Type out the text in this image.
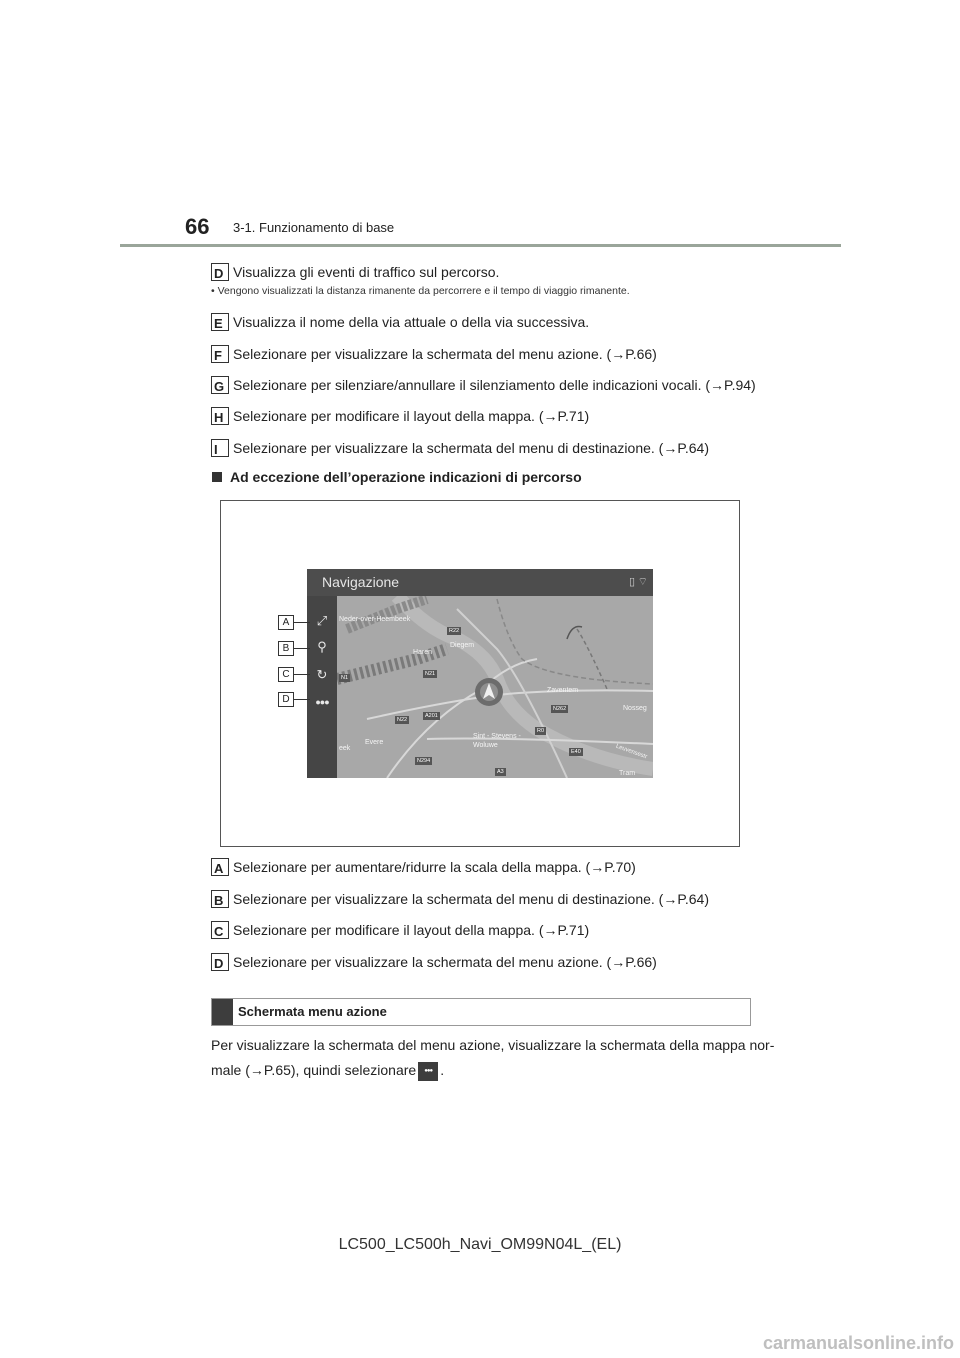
66 3-1. Funzionamento di base
D Visualizza gli eventi di traffico sul percorso.
• Vengono visualizzati la distanza rimanente da percorrere e il tempo di viaggio rimanente.
E Visualizza il nome della via attuale o della via successiva.
F Selezionare per visualizzare la schermata del menu azione. (→P.66)
G Selezionare per silenziare/annullare il silenziamento delle indicazioni vocali. (→P.94)
H Selezionare per modificare il layout della mappa. (→P.71)
I	Selezionare per visualizzare la schermata del menu di destinazione. (→P.64)
Ad eccezione dell’operazione indicazioni di percorso
Navigazione	▯ ⌔
⤢
⚲
↻
●●●
Neder-over-Heembeek
Haren
Diegem
Zaventem
Nosseg
Sint - Stevens - Woluwe
Evere
eek
Tram
Leuvensestr
R22
N1
N21
N22
A201
N262
R0
E40
N294
A3
A
B
C
D
A Selezionare per aumentare/ridurre la scala della mappa. (→P.70)
B Selezionare per visualizzare la schermata del menu di destinazione. (→P.64)
C Selezionare per modificare il layout della mappa. (→P.71)
D Selezionare per visualizzare la schermata del menu azione. (→P.66)
Schermata menu azione
Per visualizzare la schermata del menu azione, visualizzare la schermata della mappa nor-
male (→P.65), quindi selezionare ●●● .
LC500_LC500h_Navi_OM99N04L_(EL)
carmanualsonline.info
